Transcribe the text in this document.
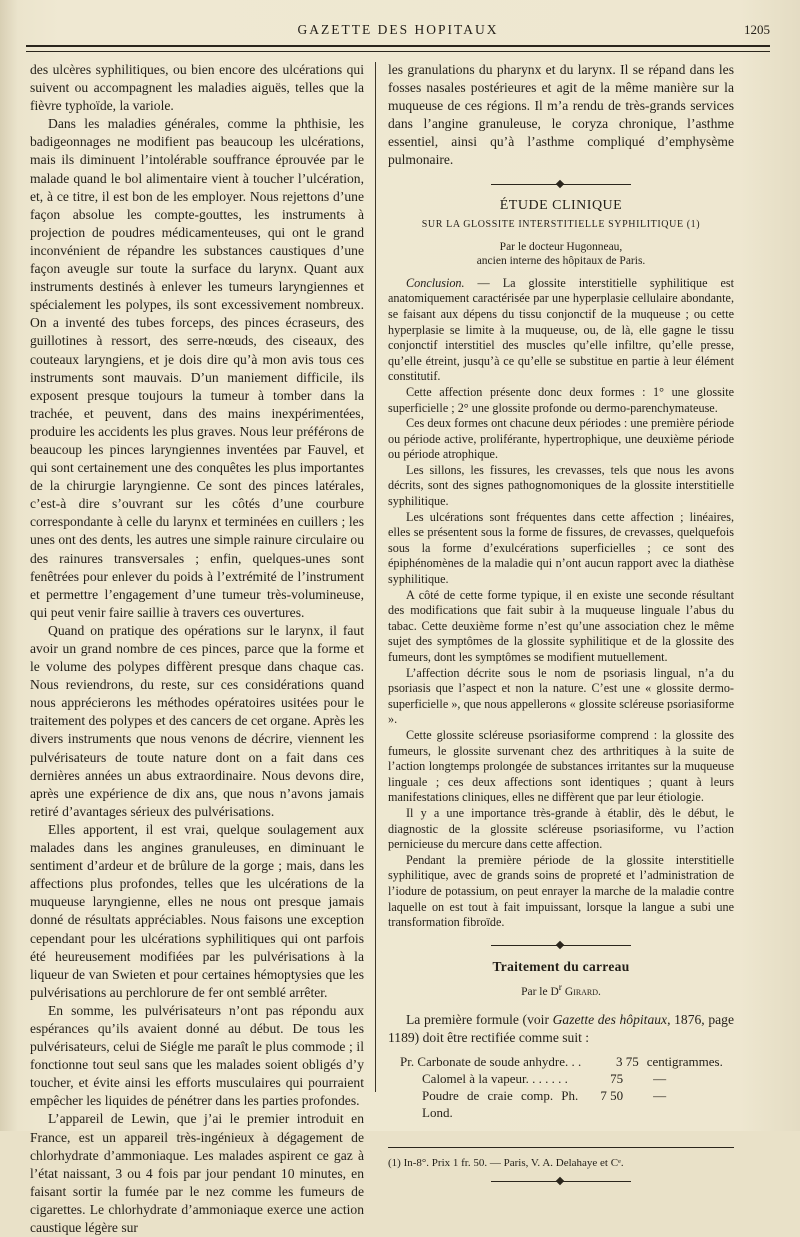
GAZETTE DES HOPITAUX	1205

des ulcères syphilitiques, ou bien encore des ulcérations qui suivent ou accompagnent les maladies aiguës, telles que la fièvre typhoïde, la variole.

Dans les maladies générales, comme la phthisie, les badigeonnages ne modifient pas beaucoup les ulcérations, mais ils diminuent l’intolérable souffrance éprouvée par le malade quand le bol alimentaire vient à toucher l’ulcération, et, à ce titre, il est bon de les employer. Nous rejettons d’une façon absolue les compte-gouttes, les instruments à projection de poudres médicamenteuses, qui ont le grand inconvénient de répandre les substances caustiques d’une façon aveugle sur toute la surface du larynx. Quant aux instruments destinés à enlever les tumeurs laryngiennes et spécialement les polypes, ils sont excessivement nombreux. On a inventé des tubes forceps, des pinces écraseurs, des guillotines à ressort, des serre-nœuds, des ciseaux, des couteaux laryngiens, et je dois dire qu’à mon avis tous ces instruments sont mauvais. D’un maniement difficile, ils exposent presque toujours la tumeur à tomber dans la trachée, et peuvent, dans des mains inexpérimentées, produire les accidents les plus graves. Nous leur préférons de beaucoup les pinces laryngiennes inventées par Fauvel, et qui sont certainement une des conquêtes les plus importantes de la chirurgie laryngienne. Ce sont des pinces latérales, c’est-à dire s’ouvrant sur les côtés d’une courbure correspondante à celle du larynx et terminées en cuillers ; les unes ont des dents, les autres une simple rainure circulaire ou des rainures transversales ; enfin, quelques-unes sont fenêtrées pour enlever du poids à l’extrémité de l’instrument et permettre l’engagement d’une tumeur très-volumineuse, qui peut venir faire saillie à travers ces ouvertures.

Quand on pratique des opérations sur le larynx, il faut avoir un grand nombre de ces pinces, parce que la forme et le volume des polypes diffèrent presque dans chaque cas. Nous reviendrons, du reste, sur ces considérations quand nous apprécierons les méthodes opératoires usitées pour le traitement des polypes et des cancers de cet organe. Après les divers instruments que nous venons de décrire, viennent les pulvérisateurs de toute nature dont on a fait dans ces dernières années un abus extraordinaire. Nous devons dire, après une expérience de dix ans, que nous n’avons jamais retiré d’avantages sérieux des pulvérisations.

Elles apportent, il est vrai, quelque soulagement aux malades dans les angines granuleuses, en diminuant le sentiment d’ardeur et de brûlure de la gorge ; mais, dans les affections plus profondes, telles que les ulcérations de la muqueuse laryngienne, elles ne nous ont presque jamais donné de résultats appréciables. Nous faisons une exception cependant pour les ulcérations syphilitiques qui ont parfois été heureusement modifiées par les pulvérisations à la liqueur de van Swieten et pour certaines hémoptysies que les pulvérisations au perchlorure de fer ont semblé arrêter.

En somme, les pulvérisateurs n’ont pas répondu aux espérances qu’ils avaient donné au début. De tous les pulvérisateurs, celui de Siégle me paraît le plus commode ; il fonctionne tout seul sans que les malades soient obligés d’y toucher, et évite ainsi les efforts musculaires qui pourraient empêcher les liquides de pénétrer dans les parties profondes.

L’appareil de Lewin, que j’ai le premier introduit en France, est un appareil très-ingénieux à dégagement de chlorhydrate d’ammoniaque. Les malades aspirent ce gaz à l’état naissant, 3 ou 4 fois par jour pendant 10 minutes, en faisant sortir la fumée par le nez comme les fumeurs de cigarettes. Le chlorhydrate d’ammoniaque exerce une action caustique légère sur

les granulations du pharynx et du larynx. Il se répand dans les fosses nasales postérieures et agit de la même manière sur la muqueuse de ces régions. Il m’a rendu de très-grands services dans l’angine granuleuse, le coryza chronique, l’asthme essentiel, ainsi qu’à l’asthme compliqué d’emphysème pulmonaire.

ÉTUDE CLINIQUE
SUR LA GLOSSITE INTERSTITIELLE SYPHILITIQUE (1)
Par le docteur Hugonneau,
ancien interne des hôpitaux de Paris.

Conclusion. — La glossite interstitielle syphilitique est anatomiquement caractérisée par une hyperplasie cellulaire abondante, se faisant aux dépens du tissu conjonctif de la muqueuse ; ou cette hyperplasie se limite à la muqueuse, ou, de là, elle gagne le tissu conjonctif interstitiel des muscles qu’elle infiltre, qu’elle presse, qu’elle étreint, jusqu’à ce qu’elle se substitue en partie à leur élément constitutif.

Cette affection présente donc deux formes : 1° une glossite superficielle ; 2° une glossite profonde ou dermo-parenchymateuse.

Ces deux formes ont chacune deux périodes : une première période ou période active, proliférante, hypertrophique, une deuxième période ou période atrophique.

Les sillons, les fissures, les crevasses, tels que nous les avons décrits, sont des signes pathognomoniques de la glossite interstitielle syphilitique.

Les ulcérations sont fréquentes dans cette affection ; linéaires, elles se présentent sous la forme de fissures, de crevasses, quelquefois sous la forme d’exulcérations superficielles ; ce sont des épiphénomènes de la maladie qui n’ont aucun rapport avec la diathèse syphilitique.

A côté de cette forme typique, il en existe une seconde résultant des modifications que fait subir à la muqueuse linguale l’abus du tabac. Cette deuxième forme n’est qu’une association chez le même sujet des symptômes de la glossite syphilitique et de la glossite des fumeurs, dont les symptômes se modifient mutuellement.

L’affection décrite sous le nom de psoriasis lingual, n’a du psoriasis que l’aspect et non la nature. C’est une « glossite dermo-superficielle », que nous appellerons « glossite scléreuse psoriasiforme ».

Cette glossite scléreuse psoriasiforme comprend : la glossite des fumeurs, le glossite survenant chez des arthritiques à la suite de l’action longtemps prolongée de substances irritantes sur la muqueuse linguale ; ces deux affections sont identiques ; quant à leurs manifestations cliniques, elles ne diffèrent que par leur étiologie.

Il y a une importance très-grande à établir, dès le début, le diagnostic de la glossite scléreuse psoriasiforme, vu l’action pernicieuse du mercure dans cette affection.

Pendant la première période de la glossite interstitielle syphilitique, avec de grands soins de propreté et l’administration de l’iodure de potassium, on peut enrayer la marche de la maladie contre laquelle on est tout à fait impuissant, lorsque la langue a subi une transformation fibroïde.

Traitement du carreau
Par le $D^r$ Girard.

La première formule (voir Gazette des hôpitaux, 1876, page 1189) doit être rectifiée comme suit :

Pr. Carbonate de soude anhydre. . .	3 75 centigrammes.
Calomel à la vapeur. . . . . . .	75	—
Poudre de craie comp. Ph. Lond.
7 50	—

(1) In-8°. Prix 1 fr. 50. — Paris, V. A. Delahaye et Cᵉ.
